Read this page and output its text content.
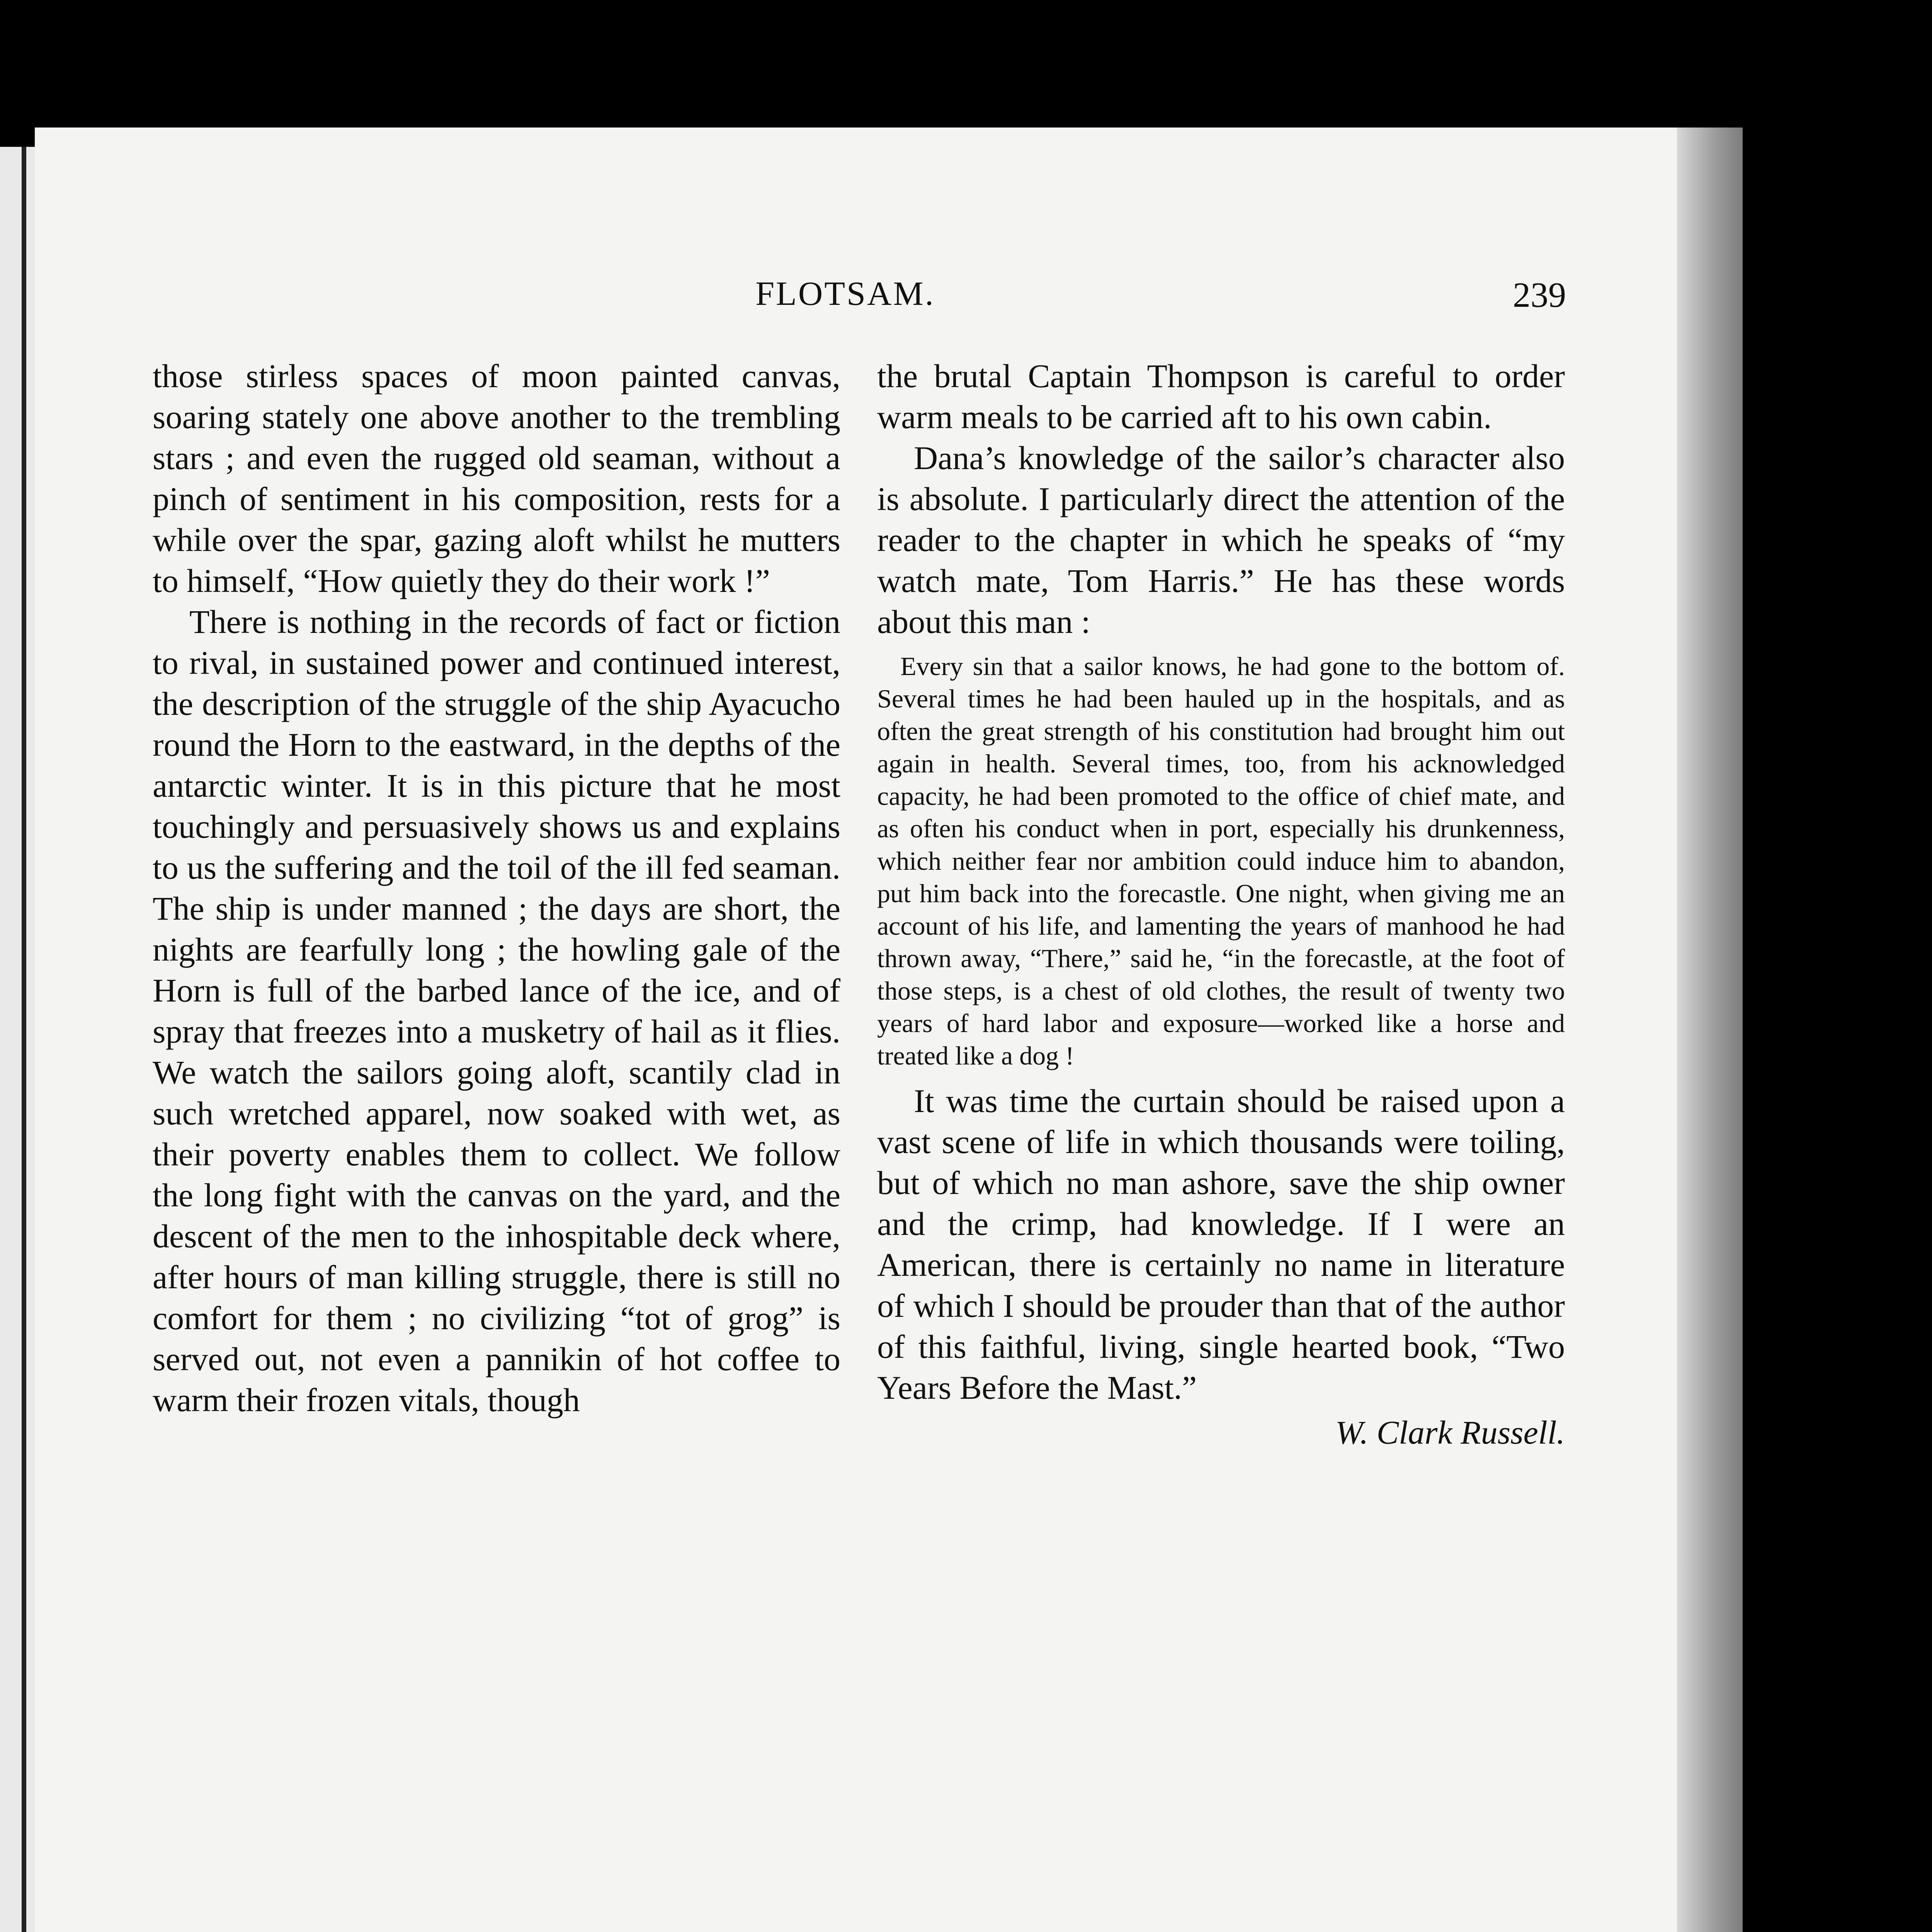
FLOTSAM.	239

those stirless spaces of moon painted canvas, soaring stately one above another to the trembling stars ; and even the rugged old seaman, without a pinch of sentiment in his composition, rests for a while over the spar, gazing aloft whilst he mutters to himself, “How quietly they do their work !”

There is nothing in the records of fact or fiction to rival, in sustained power and continued interest, the description of the struggle of the ship Ayacucho round the Horn to the eastward, in the depths of the antarctic winter. It is in this picture that he most touchingly and persuasively shows us and explains to us the suffering and the toil of the ill fed seaman. The ship is under manned ; the days are short, the nights are fearfully long ; the howling gale of the Horn is full of the barbed lance of the ice, and of spray that freezes into a musketry of hail as it flies. We watch the sailors going aloft, scantily clad in such wretched apparel, now soaked with wet, as their poverty enables them to collect. We follow the long fight with the canvas on the yard, and the descent of the men to the inhospitable deck where, after hours of man killing struggle, there is still no comfort for them ; no civilizing “tot of grog” is served out, not even a pannikin of hot coffee to warm their frozen vitals, though

the brutal Captain Thompson is careful to order warm meals to be carried aft to his own cabin.

Dana’s knowledge of the sailor’s character also is absolute. I particularly direct the attention of the reader to the chapter in which he speaks of “my watch mate, Tom Harris.” He has these words about this man :

Every sin that a sailor knows, he had gone to the bottom of. Several times he had been hauled up in the hospitals, and as often the great strength of his constitution had brought him out again in health. Several times, too, from his acknowledged capacity, he had been promoted to the office of chief mate, and as often his conduct when in port, especially his drunkenness, which neither fear nor ambition could induce him to abandon, put him back into the forecastle. One night, when giving me an account of his life, and lamenting the years of manhood he had thrown away, “There,” said he, “in the forecastle, at the foot of those steps, is a chest of old clothes, the result of twenty two years of hard labor and exposure—worked like a horse and treated like a dog !

It was time the curtain should be raised upon a vast scene of life in which thousands were toiling, but of which no man ashore, save the ship owner and the crimp, had knowledge. If I were an American, there is certainly no name in literature of which I should be prouder than that of the author of this faithful, living, single hearted book, “Two Years Before the Mast.”

W. Clark Russell.
